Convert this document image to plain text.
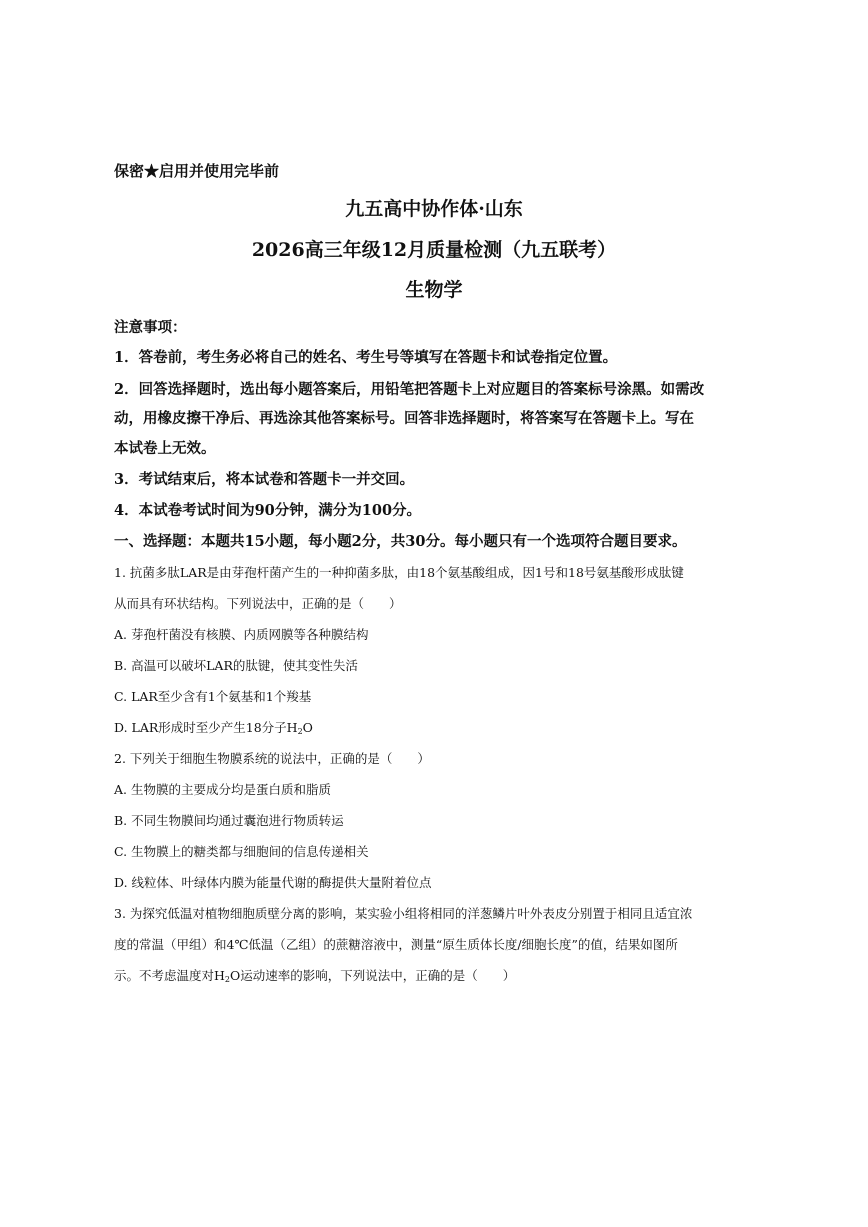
保密★启用并使用完毕前
九五高中协作体·山东
2026高三年级12月质量检测（九五联考）
生物学
注意事项：
1．答卷前，考生务必将自己的姓名、考生号等填写在答题卡和试卷指定位置。
2．回答选择题时，选出每小题答案后，用铅笔把答题卡上对应题目的答案标号涂黑。如需改
动，用橡皮擦干净后、再选涂其他答案标号。回答非选择题时，将答案写在答题卡上。写在
本试卷上无效。
3．考试结束后，将本试卷和答题卡一并交回。
4．本试卷考试时间为90分钟，满分为100分。
一、选择题：本题共15小题，每小题2分，共30分。每小题只有一个选项符合题目要求。
1. 抗菌多肽LAR是由芽孢杆菌产生的一种抑菌多肽，由18个氨基酸组成，因1号和18号氨基酸形成肽键
从而具有环状结构。下列说法中，正确的是（　　）
A. 芽孢杆菌没有核膜、内质网膜等各种膜结构
B. 高温可以破坏LAR的肽键，使其变性失活
C. LAR至少含有1个氨基和1个羧基
D. LAR形成时至少产生18分子$H_2O$
2. 下列关于细胞生物膜系统的说法中，正确的是（　　）
A. 生物膜的主要成分均是蛋白质和脂质
B. 不同生物膜间均通过囊泡进行物质转运
C. 生物膜上的糖类都与细胞间的信息传递相关
D. 线粒体、叶绿体内膜为能量代谢的酶提供大量附着位点
3. 为探究低温对植物细胞质壁分离的影响，某实验小组将相同的洋葱鳞片叶外表皮分别置于相同且适宜浓
度的常温（甲组）和4℃低温（乙组）的蔗糖溶液中，测量“原生质体长度/细胞长度”的值，结果如图所
示。不考虑温度对$H_2O$运动速率的影响，下列说法中，正确的是（　　）
